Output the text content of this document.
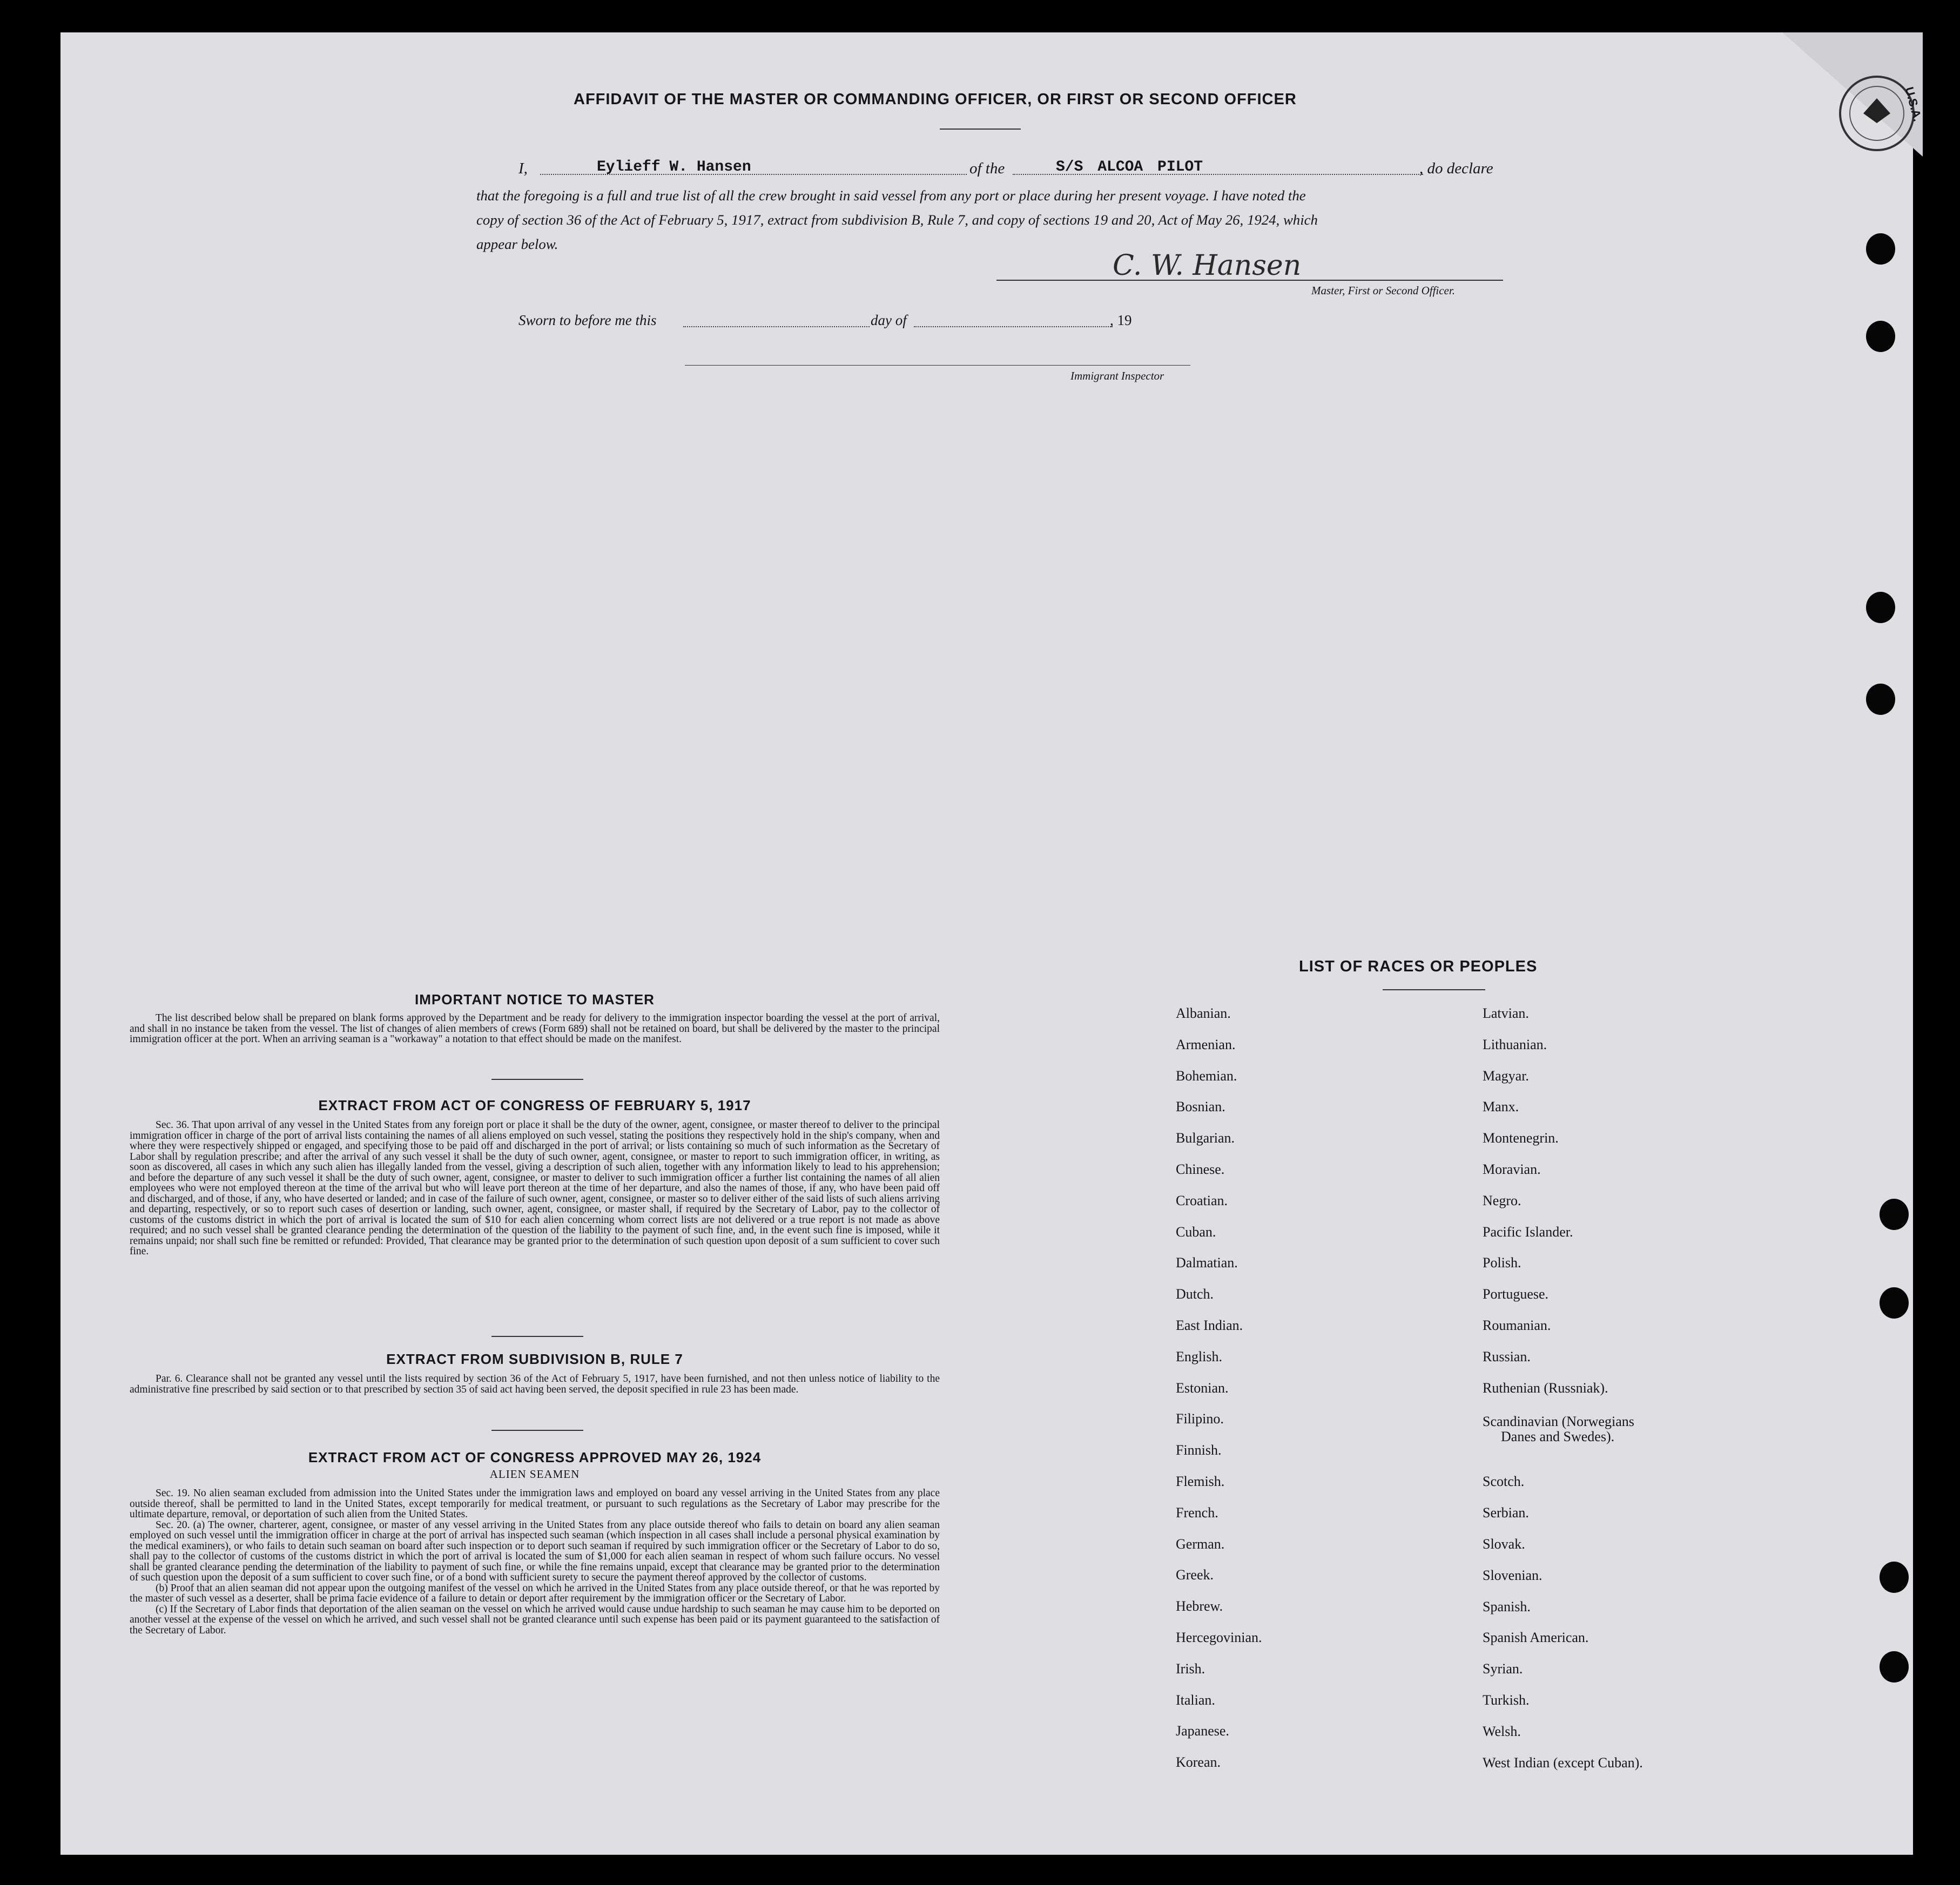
U.S.A.
AFFIDAVIT OF THE MASTER OR COMMANDING OFFICER, OR FIRST OR SECOND OFFICER
I,	Eylieff W. Hansen	of the	S/S ALCOA PILOT	, do declare
that the foregoing is a full and true list of all the crew brought in said vessel from any port or place during her present voyage. I have noted the
copy of section 36 of the Act of February 5, 1917, extract from subdivision B, Rule 7, and copy of sections 19 and 20, Act of May 26, 1924, which
appear below.
C. W. Hansen
Master, First or Second Officer.
Sworn to before me this	day of	, 19
Immigrant Inspector
IMPORTANT NOTICE TO MASTER

The list described below shall be prepared on blank forms approved by the Department and be ready for delivery to the immigration inspector boarding the vessel at the port of arrival, and shall in no instance be taken from the vessel. The list of changes of alien members of crews (Form 689) shall not be retained on board, but shall be delivered by the master to the principal immigration officer at the port. When an arriving seaman is a "workaway" a notation to that effect should be made on the manifest.

EXTRACT FROM ACT OF CONGRESS OF FEBRUARY 5, 1917

Sec. 36. That upon arrival of any vessel in the United States from any foreign port or place it shall be the duty of the owner, agent, consignee, or master thereof to deliver to the principal immigration officer in charge of the port of arrival lists containing the names of all aliens employed on such vessel, stating the positions they respectively hold in the ship's company, when and where they were respectively shipped or engaged, and specifying those to be paid off and discharged in the port of arrival; or lists containing so much of such information as the Secretary of Labor shall by regulation prescribe; and after the arrival of any such vessel it shall be the duty of such owner, agent, consignee, or master to report to such immigration officer, in writing, as soon as discovered, all cases in which any such alien has illegally landed from the vessel, giving a description of such alien, together with any information likely to lead to his apprehension; and before the departure of any such vessel it shall be the duty of such owner, agent, consignee, or master to deliver to such immigration officer a further list containing the names of all alien employees who were not employed thereon at the time of the arrival but who will leave port thereon at the time of her departure, and also the names of those, if any, who have been paid off and discharged, and of those, if any, who have deserted or landed; and in case of the failure of such owner, agent, consignee, or master so to deliver either of the said lists of such aliens arriving and departing, respectively, or so to report such cases of desertion or landing, such owner, agent, consignee, or master shall, if required by the Secretary of Labor, pay to the collector of customs of the customs district in which the port of arrival is located the sum of $10 for each alien concerning whom correct lists are not delivered or a true report is not made as above required; and no such vessel shall be granted clearance pending the determination of the question of the liability to the payment of such fine, and, in the event such fine is imposed, while it remains unpaid; nor shall such fine be remitted or refunded: Provided, That clearance may be granted prior to the determination of such question upon deposit of a sum sufficient to cover such fine.

EXTRACT FROM SUBDIVISION B, RULE 7

Par. 6. Clearance shall not be granted any vessel until the lists required by section 36 of the Act of February 5, 1917, have been furnished, and not then unless notice of liability to the administrative fine prescribed by said section or to that prescribed by section 35 of said act having been served, the deposit specified in rule 23 has been made.

EXTRACT FROM ACT OF CONGRESS APPROVED MAY 26, 1924
ALIEN SEAMEN

Sec. 19. No alien seaman excluded from admission into the United States under the immigration laws and employed on board any vessel arriving in the United States from any place outside thereof, shall be permitted to land in the United States, except temporarily for medical treatment, or pursuant to such regulations as the Secretary of Labor may prescribe for the ultimate departure, removal, or deportation of such alien from the United States.

Sec. 20. (a) The owner, charterer, agent, consignee, or master of any vessel arriving in the United States from any place outside thereof who fails to detain on board any alien seaman employed on such vessel until the immigration officer in charge at the port of arrival has inspected such seaman (which inspection in all cases shall include a personal physical examination by the medical examiners), or who fails to detain such seaman on board after such inspection or to deport such seaman if required by such immigration officer or the Secretary of Labor to do so, shall pay to the collector of customs of the customs district in which the port of arrival is located the sum of $1,000 for each alien seaman in respect of whom such failure occurs. No vessel shall be granted clearance pending the determination of the liability to payment of such fine, or while the fine remains unpaid, except that clearance may be granted prior to the determination of such question upon the deposit of a sum sufficient to cover such fine, or of a bond with sufficient surety to secure the payment thereof approved by the collector of customs.

(b) Proof that an alien seaman did not appear upon the outgoing manifest of the vessel on which he arrived in the United States from any place outside thereof, or that he was reported by the master of such vessel as a deserter, shall be prima facie evidence of a failure to detain or deport after requirement by the immigration officer or the Secretary of Labor.

(c) If the Secretary of Labor finds that deportation of the alien seaman on the vessel on which he arrived would cause undue hardship to such seaman he may cause him to be deported on another vessel at the expense of the vessel on which he arrived, and such vessel shall not be granted clearance until such expense has been paid or its payment guaranteed to the satisfaction of the Secretary of Labor.

LIST OF RACES OR PEOPLES
Albanian.
Armenian.
Bohemian.
Bosnian.
Bulgarian.
Chinese.
Croatian.
Cuban.
Dalmatian.
Dutch.
East Indian.
English.
Estonian.
Filipino.
Finnish.
Flemish.
French.
German.
Greek.
Hebrew.
Hercegovinian.
Irish.
Italian.
Japanese.
Korean.
Latvian.
Lithuanian.
Magyar.
Manx.
Montenegrin.
Moravian.
Negro.
Pacific Islander.
Polish.
Portuguese.
Roumanian.
Russian.
Ruthenian (Russniak).
Scandinavian (Norwegians
Danes and Swedes).
Scotch.
Serbian.
Slovak.
Slovenian.
Spanish.
Spanish American.
Syrian.
Turkish.
Welsh.
West Indian (except Cuban).
